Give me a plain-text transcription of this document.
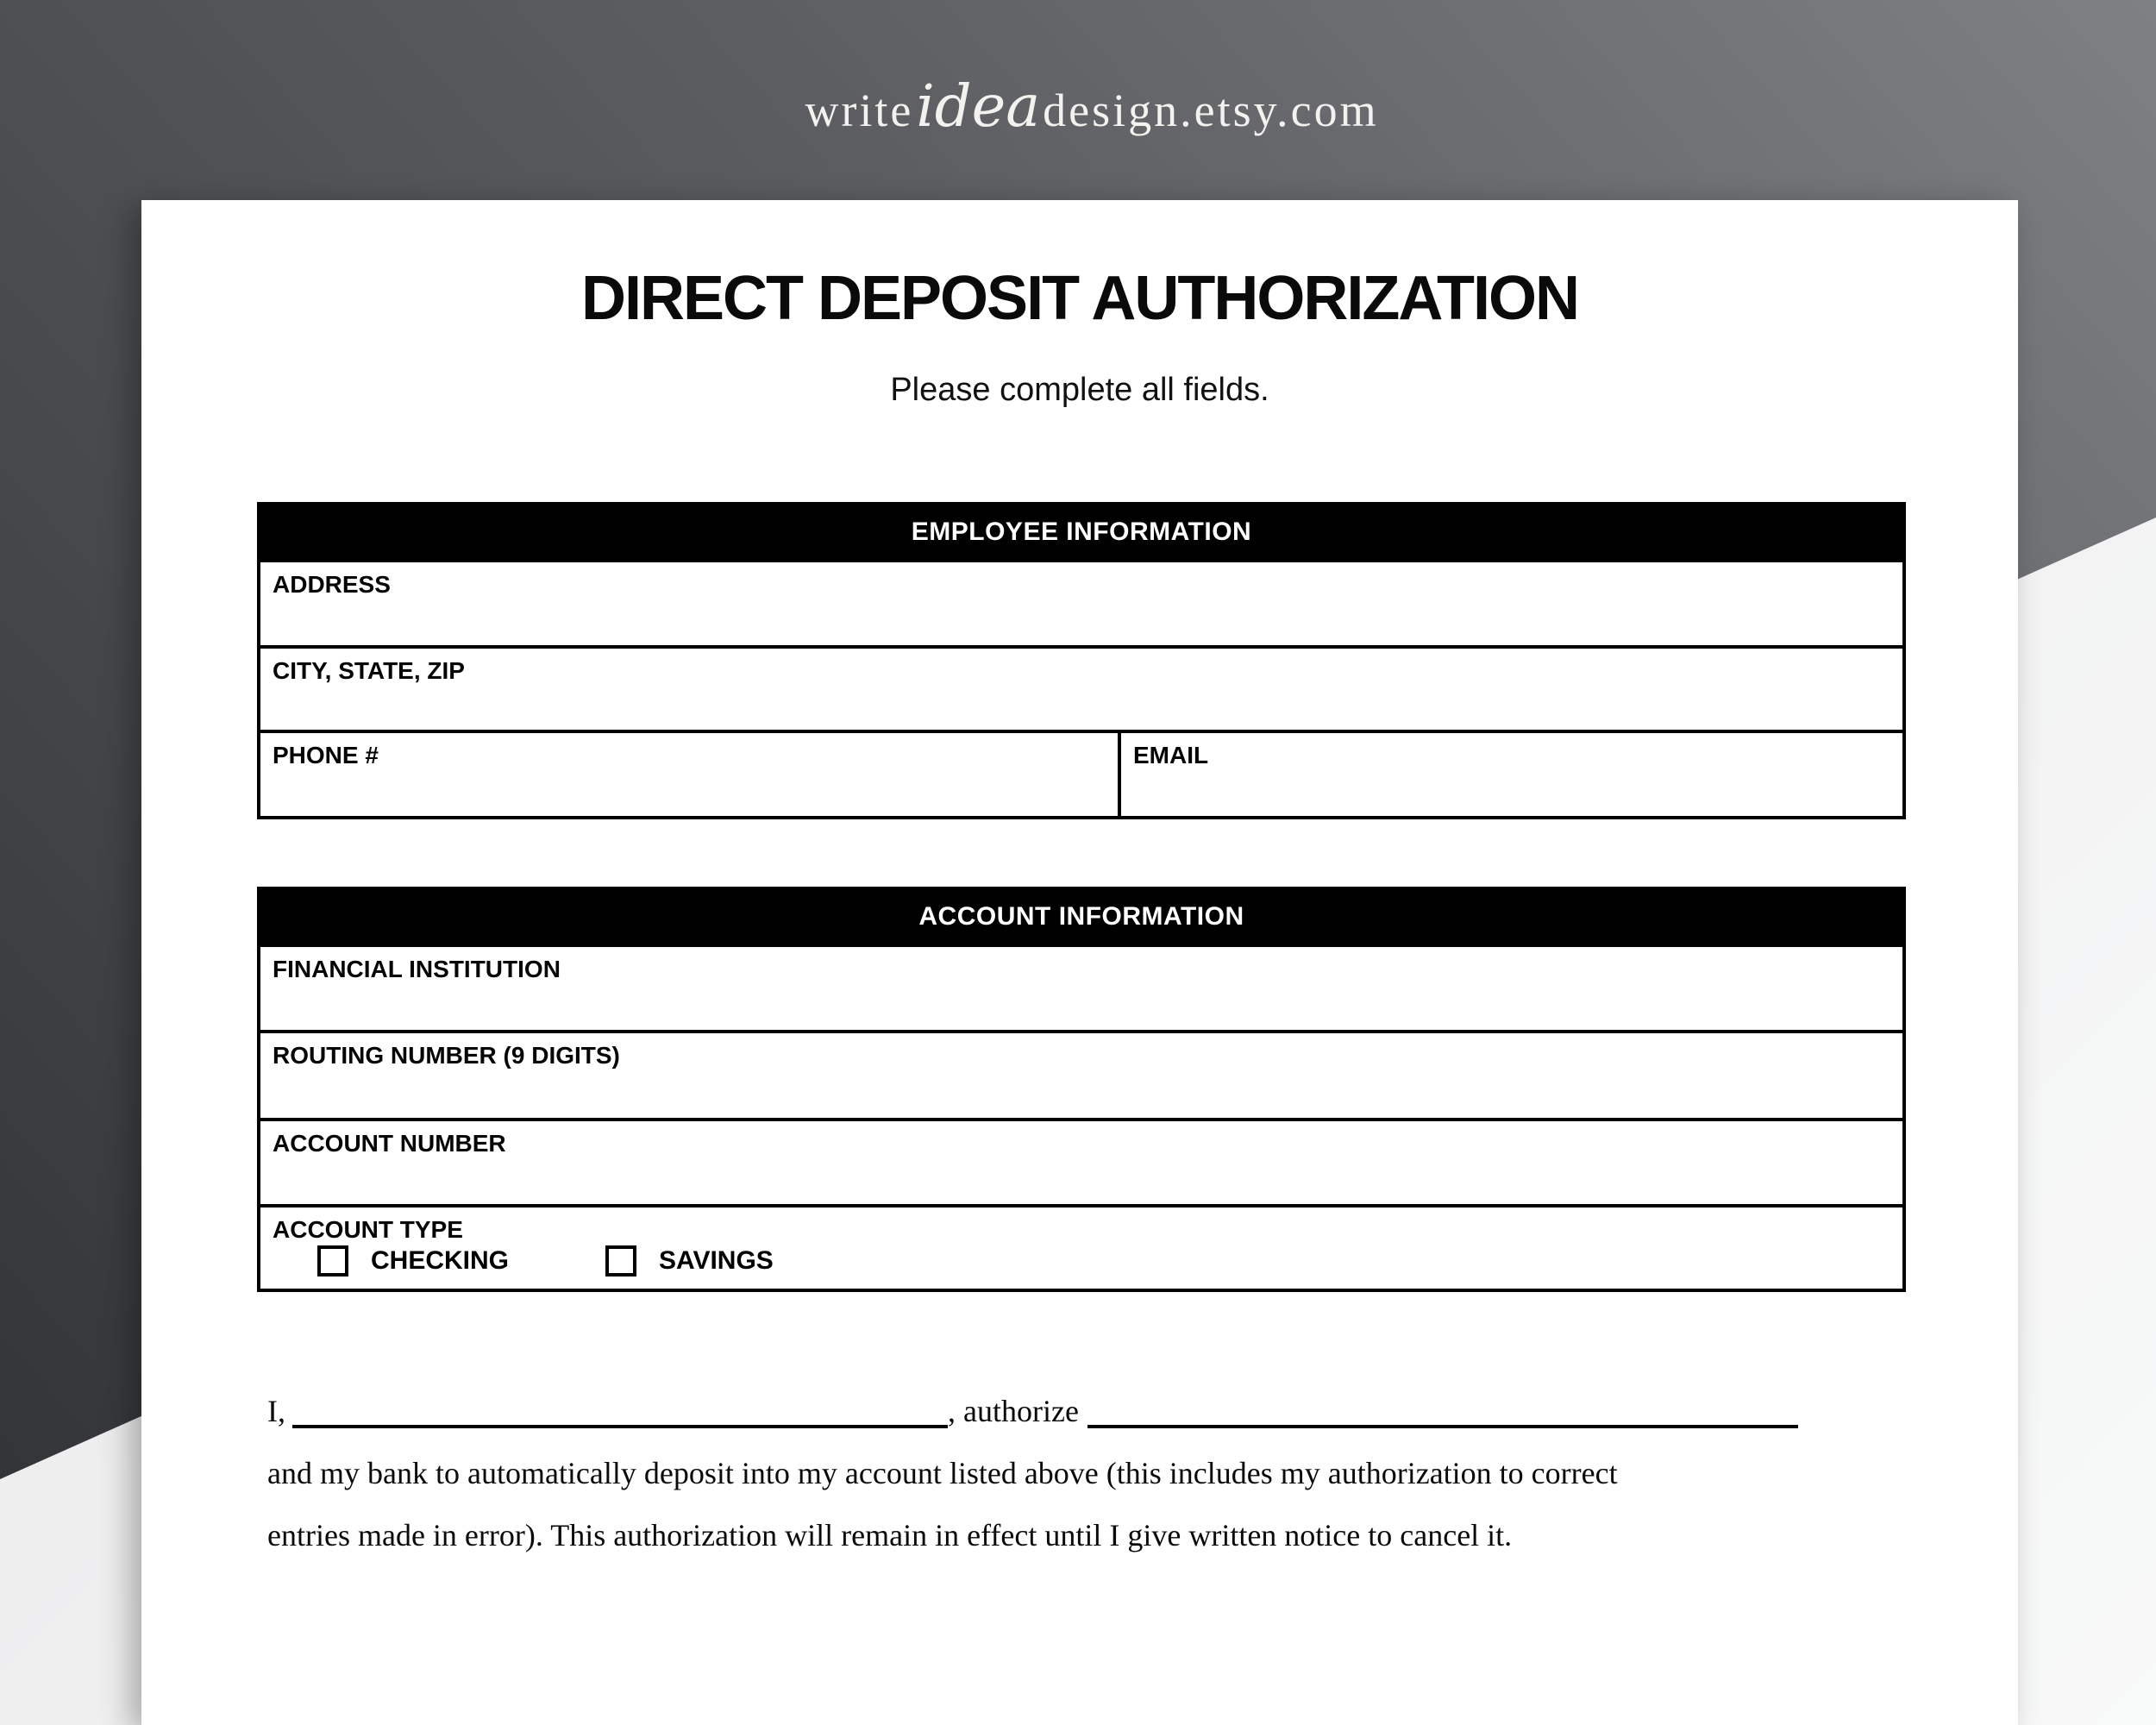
writeideadesign.etsy.com
DIRECT DEPOSIT AUTHORIZATION

Please complete all fields.

EMPLOYEE INFORMATION
ADDRESS
CITY, STATE, ZIP
PHONE #	EMAIL
ACCOUNT INFORMATION
FINANCIAL INSTITUTION
ROUTING NUMBER (9 DIGITS)
ACCOUNT NUMBER
ACCOUNT TYPE
CHECKING	SAVINGS
I,	, authorize
and my bank to automatically deposit into my account listed above (this includes my authorization to correct
entries made in error). This authorization will remain in effect until I give written notice to cancel it.
